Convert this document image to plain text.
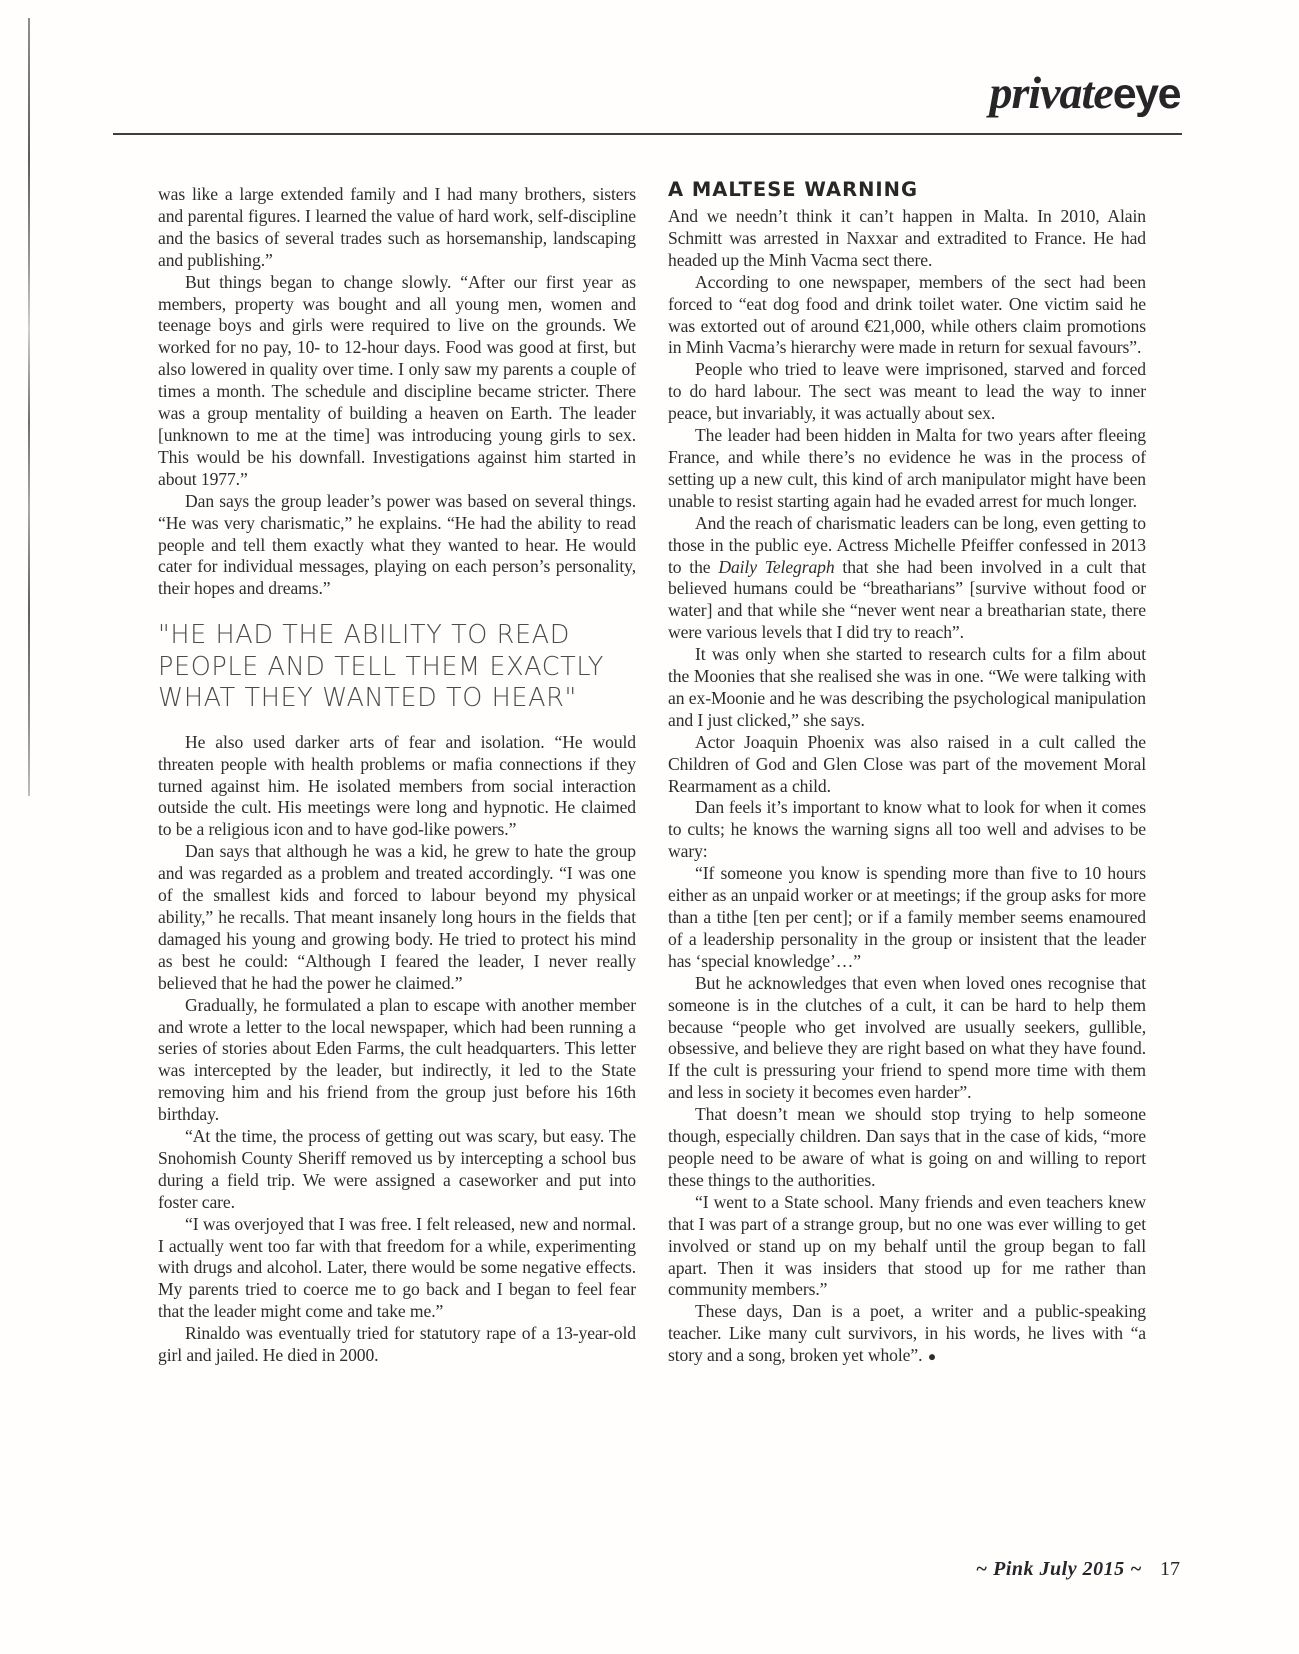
privateeye

was like a large extended family and I had many brothers, sisters and parental figures. I learned the value of hard work, self-discipline and the basics of several trades such as horsemanship, landscaping and publishing.”

But things began to change slowly. “After our first year as members, property was bought and all young men, women and teenage boys and girls were required to live on the grounds. We worked for no pay, 10- to 12-hour days. Food was good at first, but also lowered in quality over time. I only saw my parents a couple of times a month. The schedule and discipline became stricter. There was a group mentality of building a heaven on Earth. The leader [unknown to me at the time] was introducing young girls to sex. This would be his downfall. Investigations against him started in about 1977.”

Dan says the group leader’s power was based on several things. “He was very charismatic,” he explains. “He had the ability to read people and tell them exactly what they wanted to hear. He would cater for individual messages, playing on each person’s personality, their hopes and dreams.”

"HE HAD THE ABILITY TO READ PEOPLE AND TELL THEM EXACTLY WHAT THEY WANTED TO HEAR"

He also used darker arts of fear and isolation. “He would threaten people with health problems or mafia connections if they turned against him. He isolated members from social interaction outside the cult. His meetings were long and hypnotic. He claimed to be a religious icon and to have god-like powers.”

Dan says that although he was a kid, he grew to hate the group and was regarded as a problem and treated accordingly. “I was one of the smallest kids and forced to labour beyond my physical ability,” he recalls. That meant insanely long hours in the fields that damaged his young and growing body. He tried to protect his mind as best he could: “Although I feared the leader, I never really believed that he had the power he claimed.”

Gradually, he formulated a plan to escape with another member and wrote a letter to the local newspaper, which had been running a series of stories about Eden Farms, the cult headquarters. This letter was intercepted by the leader, but indirectly, it led to the State removing him and his friend from the group just before his 16th birthday.

“At the time, the process of getting out was scary, but easy. The Snohomish County Sheriff removed us by intercepting a school bus during a field trip. We were assigned a caseworker and put into foster care.

“I was overjoyed that I was free. I felt released, new and normal. I actually went too far with that freedom for a while, experimenting with drugs and alcohol. Later, there would be some negative effects. My parents tried to coerce me to go back and I began to feel fear that the leader might come and take me.”

Rinaldo was eventually tried for statutory rape of a 13-year-old girl and jailed. He died in 2000.

A MALTESE WARNING

And we needn’t think it can’t happen in Malta. In 2010, Alain Schmitt was arrested in Naxxar and extradited to France. He had headed up the Minh Vacma sect there.

According to one newspaper, members of the sect had been forced to “eat dog food and drink toilet water. One victim said he was extorted out of around €21,000, while others claim promotions in Minh Vacma’s hierarchy were made in return for sexual favours”.

People who tried to leave were imprisoned, starved and forced to do hard labour. The sect was meant to lead the way to inner peace, but invariably, it was actually about sex.

The leader had been hidden in Malta for two years after fleeing France, and while there’s no evidence he was in the process of setting up a new cult, this kind of arch manipulator might have been unable to resist starting again had he evaded arrest for much longer.

And the reach of charismatic leaders can be long, even getting to those in the public eye. Actress Michelle Pfeiffer confessed in 2013 to the Daily Telegraph that she had been involved in a cult that believed humans could be “breatharians” [survive without food or water] and that while she “never went near a breatharian state, there were various levels that I did try to reach”.

It was only when she started to research cults for a film about the Moonies that she realised she was in one. “We were talking with an ex-Moonie and he was describing the psychological manipulation and I just clicked,” she says.

Actor Joaquin Phoenix was also raised in a cult called the Children of God and Glen Close was part of the movement Moral Rearmament as a child.

Dan feels it’s important to know what to look for when it comes to cults; he knows the warning signs all too well and advises to be wary:

“If someone you know is spending more than five to 10 hours either as an unpaid worker or at meetings; if the group asks for more than a tithe [ten per cent]; or if a family member seems enamoured of a leadership personality in the group or insistent that the leader has ‘special knowledge’…”

But he acknowledges that even when loved ones recognise that someone is in the clutches of a cult, it can be hard to help them because “people who get involved are usually seekers, gullible, obsessive, and believe they are right based on what they have found. If the cult is pressuring your friend to spend more time with them and less in society it becomes even harder”.

That doesn’t mean we should stop trying to help someone though, especially children. Dan says that in the case of kids, “more people need to be aware of what is going on and willing to report these things to the authorities.

“I went to a State school. Many friends and even teachers knew that I was part of a strange group, but no one was ever willing to get involved or stand up on my behalf until the group began to fall apart. Then it was insiders that stood up for me rather than community members.”

These days, Dan is a poet, a writer and a public-speaking teacher. Like many cult survivors, in his words, he lives with “a story and a song, broken yet whole”. ●

~ Pink July 2015 ~ 17
